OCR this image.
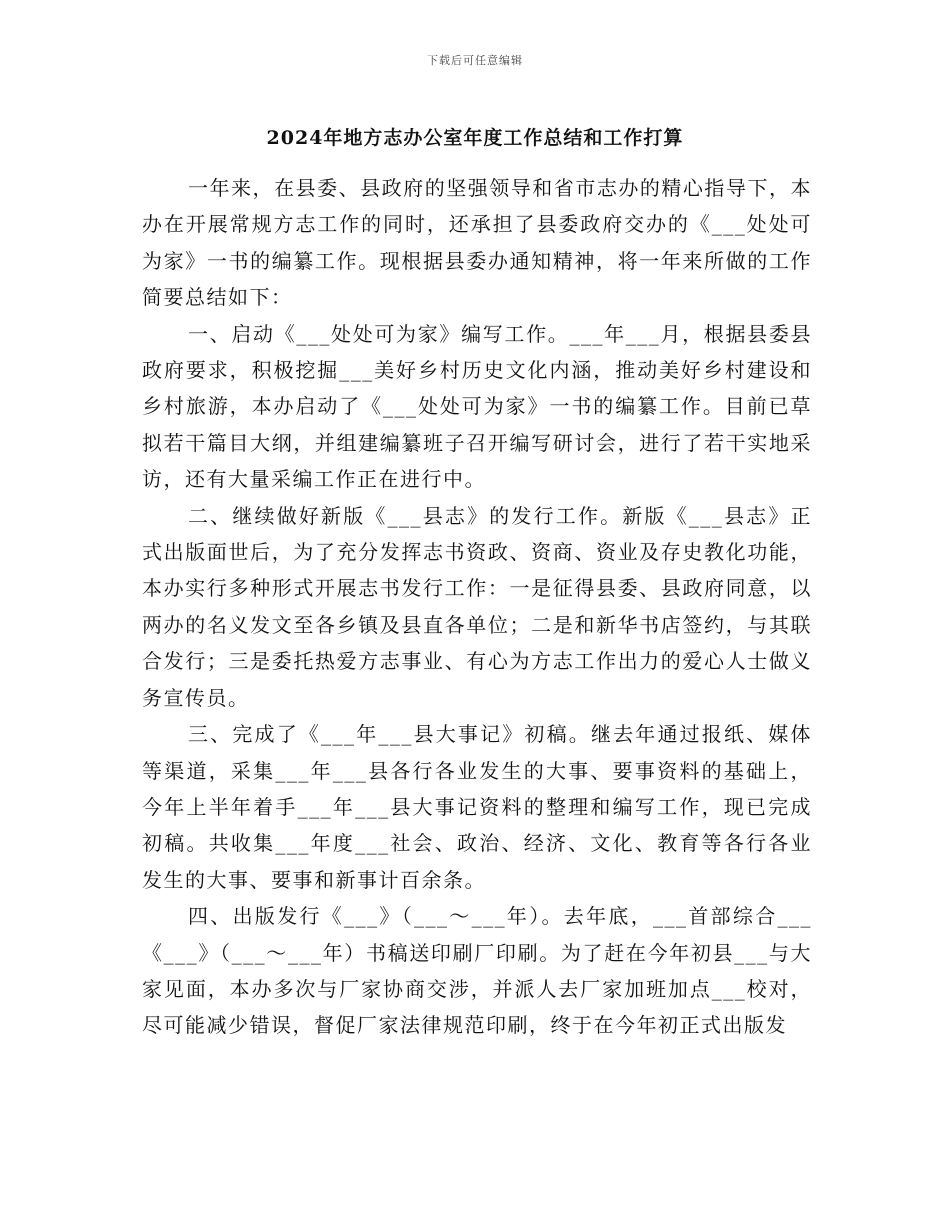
下载后可任意编辑
2024年地方志办公室年度工作总结和工作打算

一年来，在县委、县政府的坚强领导和省市志办的精心指导下，本办在开展常规方志工作的同时，还承担了县委政府交办的《___处处可为家》一书的编纂工作。现根据县委办通知精神，将一年来所做的工作简要总结如下：

一、启动《___处处可为家》编写工作。___年___月，根据县委县政府要求，积极挖掘___美好乡村历史文化内涵，推动美好乡村建设和乡村旅游，本办启动了《___处处可为家》一书的编纂工作。目前已草拟若干篇目大纲，并组建编纂班子召开编写研讨会，进行了若干实地采访，还有大量采编工作正在进行中。

二、继续做好新版《___县志》的发行工作。新版《___县志》正式出版面世后，为了充分发挥志书资政、资商、资业及存史教化功能，本办实行多种形式开展志书发行工作：一是征得县委、县政府同意，以两办的名义发文至各乡镇及县直各单位；二是和新华书店签约，与其联合发行；三是委托热爱方志事业、有心为方志工作出力的爱心人士做义务宣传员。

三、完成了《___年___县大事记》初稿。继去年通过报纸、媒体等渠道，采集___年___县各行各业发生的大事、要事资料的基础上，今年上半年着手___年___县大事记资料的整理和编写工作，现已完成初稿。共收集___年度___社会、政治、经济、文化、教育等各行各业发生的大事、要事和新事计百余条。

四、出版发行《___》（___～___年）。去年底，___首部综合___《___》（___～___年）书稿送印刷厂印刷。为了赶在今年初县___与大家见面，本办多次与厂家协商交涉，并派人去厂家加班加点___校对，尽可能减少错误，督促厂家法律规范印刷，终于在今年初正式出版发
